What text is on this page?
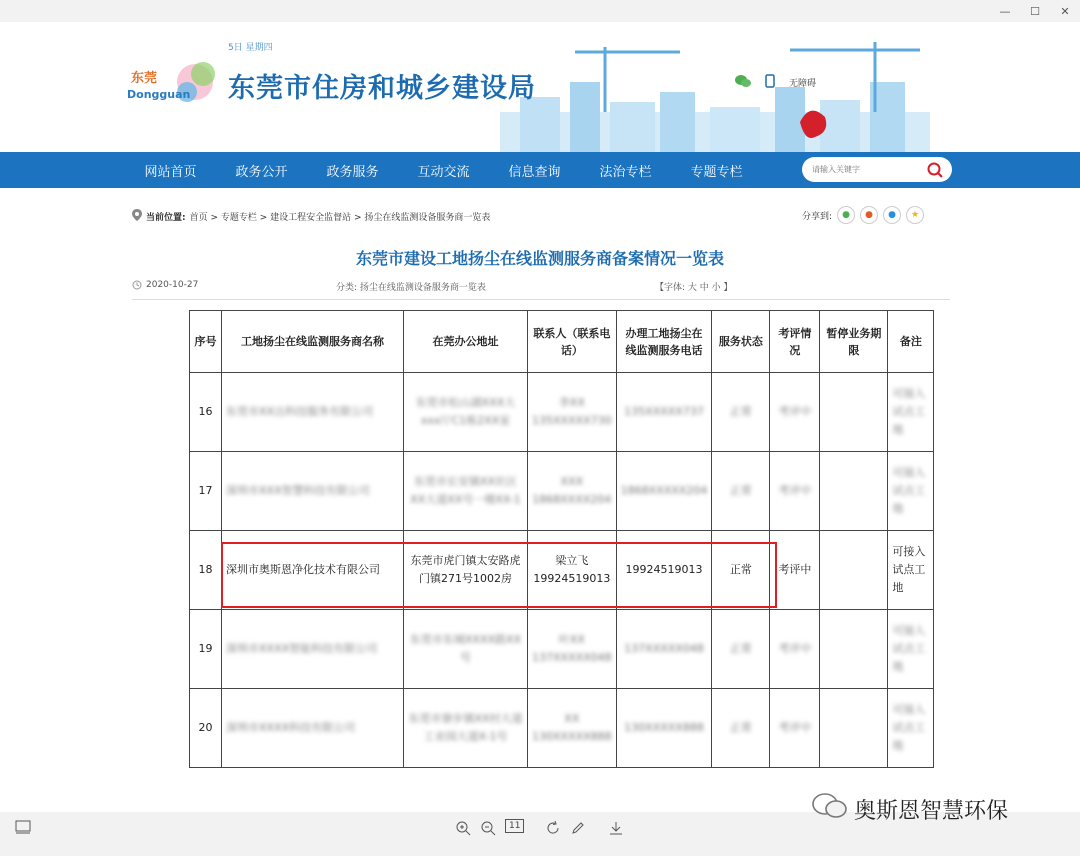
—	☐	✕
东莞
Dongguan
5日 星期四
东莞市住房和城乡建设局	无障碍
网站首页	政务公开	政务服务	互动交流	信息查询	法治专栏	专题专栏
请输入关键字
当前位置: 首页 > 专题专栏 > 建设工程安全监督站 > 扬尘在线监测设备服务商一览表	分享到:	●	●	●	★
东莞市建设工地扬尘在线监测服务商备案情况一览表
2020-10-27	分类: 扬尘在线监测设备服务商一览表	【字体: 大 中 小 】
序号	工地扬尘在线监测服务商名称	在莞办公地址	联系人（联系电话）	办理工地扬尘在线监测服务电话	服务状态	考评情况	暂停业务期限	备注
16	东莞市XX达科技服务有限公司	东莞市松山湖XXX大xxx厅C1栋2XX室	李XX 135XXXXX730	135XXXXX737	正常	考评中		可接入试点工地
17	深圳市XXX智慧科技有限公司	东莞市长安镇XX社区XX大道XX号一楼XX-1	XXX 1868XXXX204	1868XXXXX204	正常	考评中		可接入试点工地
18	深圳市奥斯恩净化技术有限公司	东莞市虎门镇太安路虎门镇271号1002房	梁立飞 19924519013	19924519013	正常	考评中		可接入试点工地
19	深圳市XXXX智能科技有限公司	东莞市东城XXXX路XX号	叶XX 137XXXXX048	137XXXXX048	正常	考评中		可接入试点工地
20	深圳市XXXX科技有限公司	东莞市寮步镇XX村大道工业园大道X-1号	XX 130XXXXX888	130XXXXX888	正常	考评中		可接入试点工地
11
奥斯恩智慧环保
